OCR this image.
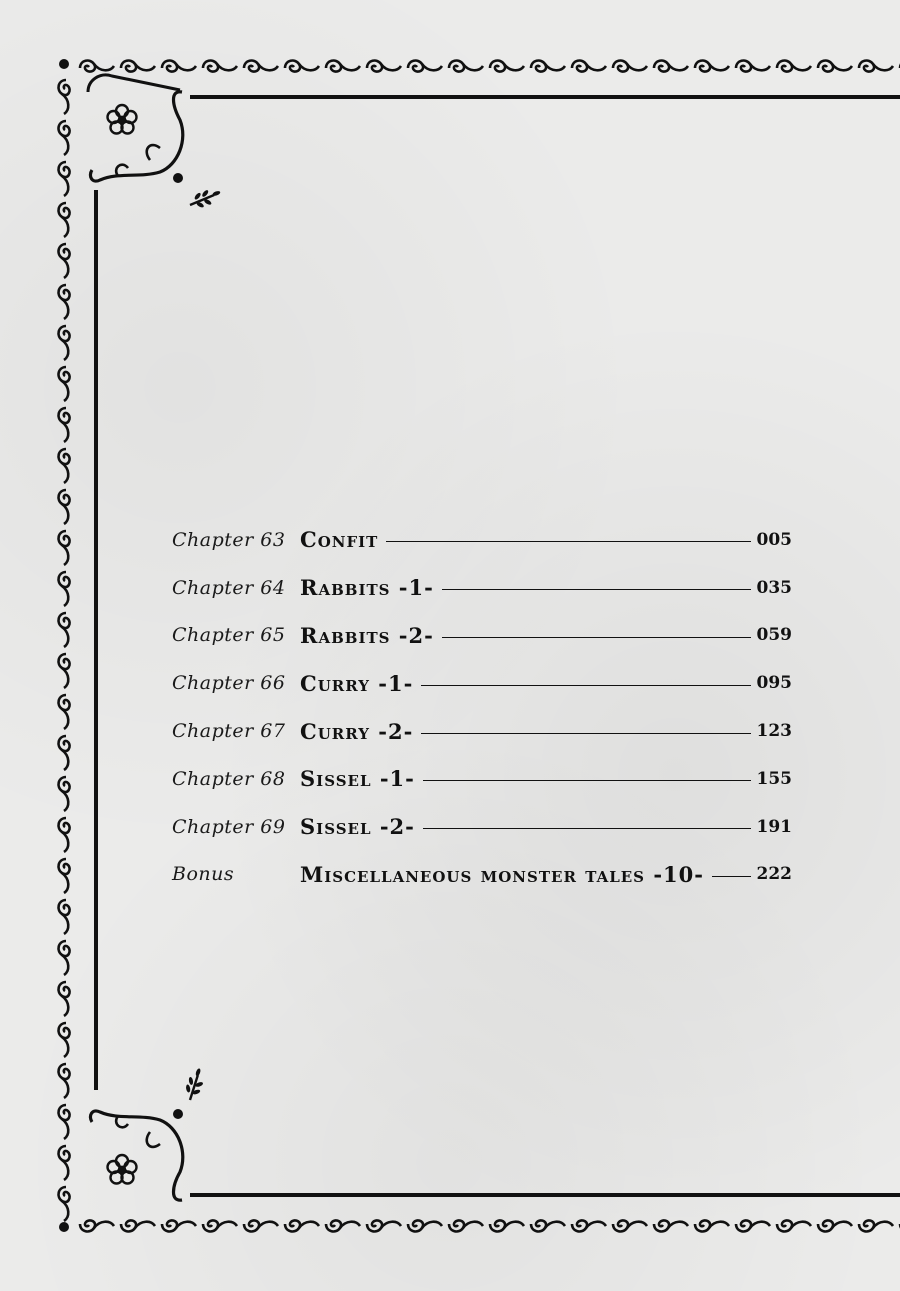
Chapter 63 confit	005
Chapter 64 rabbits -1-	035
Chapter 65 rabbits -2-	059
Chapter 66 curry -1-	095
Chapter 67 curry -2-	123
Chapter 68 sissel -1-	155
Chapter 69 sissel -2-	191
Bonus	miscellaneous monster tales -10-	222
